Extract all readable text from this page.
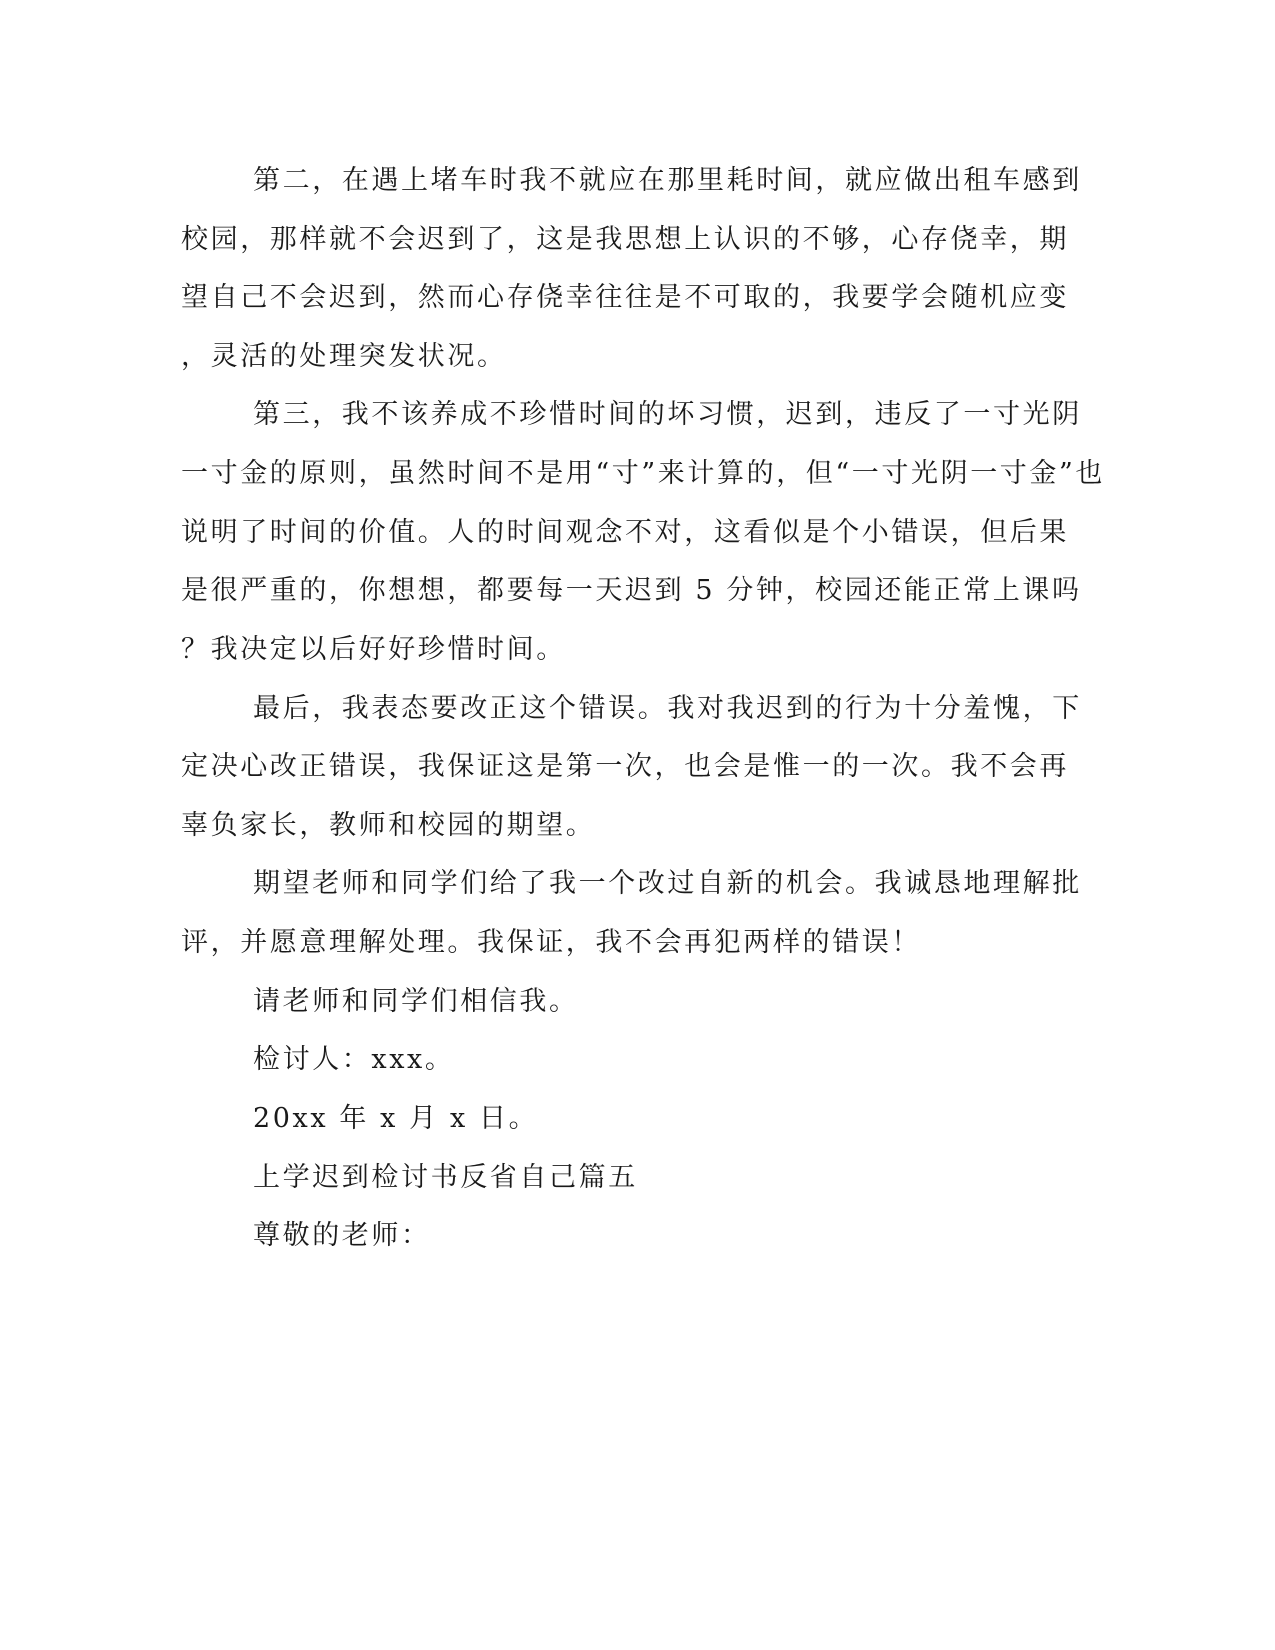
第二，在遇上堵车时我不就应在那里耗时间，就应做出租车感到
校园，那样就不会迟到了，这是我思想上认识的不够，心存侥幸，期
望自己不会迟到，然而心存侥幸往往是不可取的，我要学会随机应变
，灵活的处理突发状况。
第三，我不该养成不珍惜时间的坏习惯，迟到，违反了一寸光阴
一寸金的原则，虽然时间不是用“寸”来计算的，但“一寸光阴一寸金”也
说明了时间的价值。人的时间观念不对，这看似是个小错误，但后果
是很严重的，你想想，都要每一天迟到 5 分钟，校园还能正常上课吗
？我决定以后好好珍惜时间。
最后，我表态要改正这个错误。我对我迟到的行为十分羞愧，下
定决心改正错误，我保证这是第一次，也会是惟一的一次。我不会再
辜负家长，教师和校园的期望。
期望老师和同学们给了我一个改过自新的机会。我诚恳地理解批
评，并愿意理解处理。我保证，我不会再犯两样的错误！
请老师和同学们相信我。
检讨人：xxx。
20xx 年 x 月 x 日。
上学迟到检讨书反省自己篇五
尊敬的老师：
